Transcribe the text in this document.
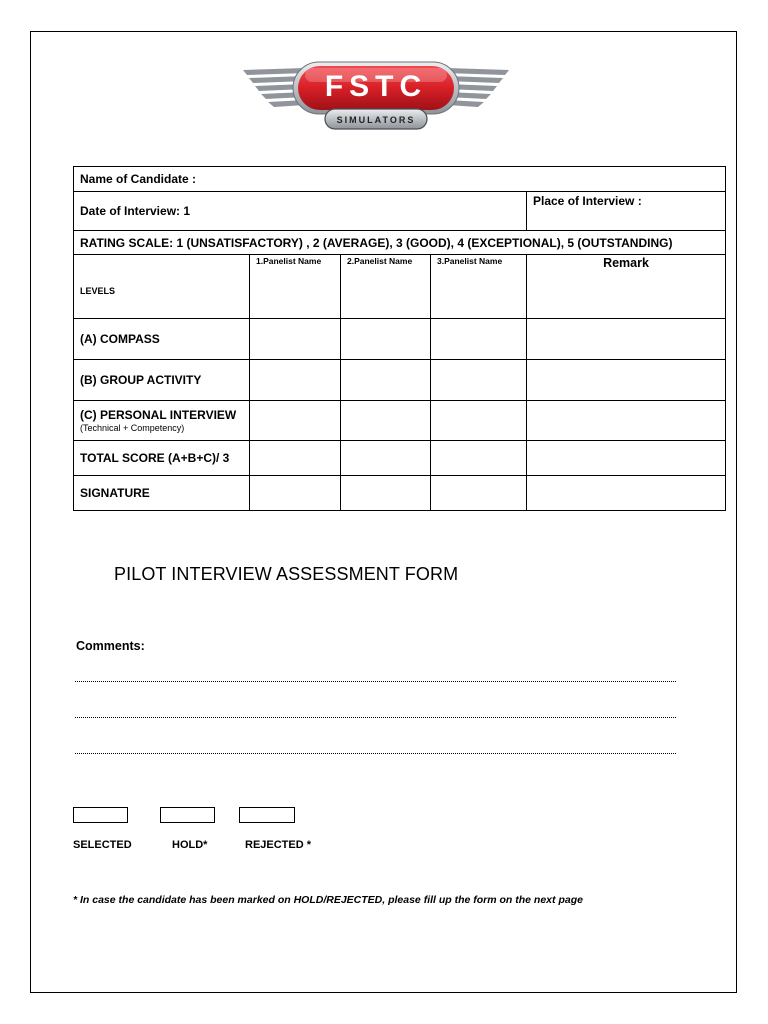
FSTC
SIMULATORS
Name of Candidate :				
Date of Interview: 1				Place of Interview :
RATING SCALE: 1 (UNSATISFACTORY) , 2 (AVERAGE), 3 (GOOD), 4 (EXCEPTIONAL), 5 (OUTSTANDING)				
LEVELS	1.Panelist Name	2.Panelist Name	3.Panelist Name	Remark
(A) COMPASS				
(B) GROUP ACTIVITY				
(C) PERSONAL INTERVIEW
(Technical + Competency)				

TOTAL SCORE (A+B+C)/ 3				
SIGNATURE				
PILOT INTERVIEW ASSESSMENT FORM
Comments:
SELECTED	HOLD*	REJECTED *
* In case the candidate has been marked on HOLD/REJECTED, please fill up the form on the next page
